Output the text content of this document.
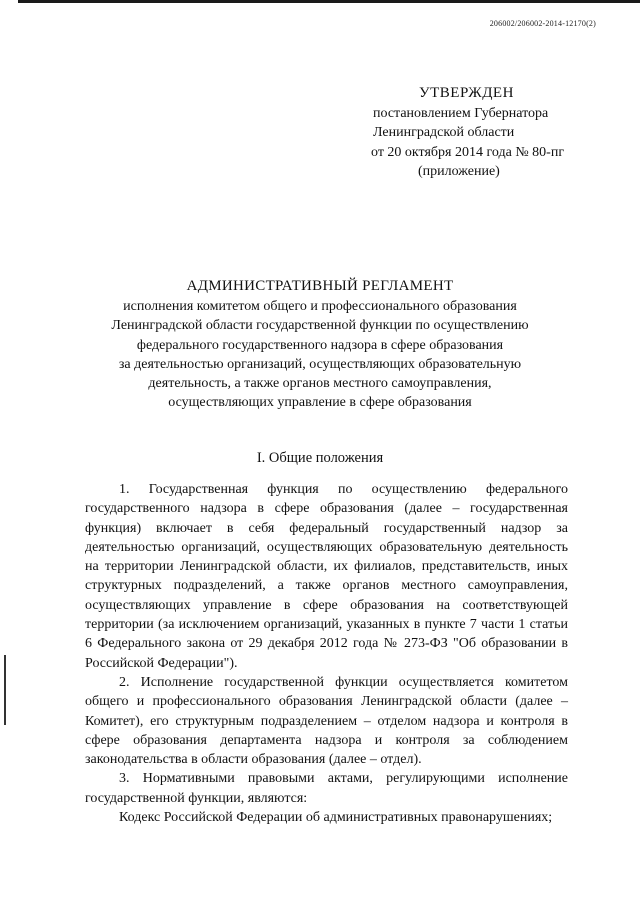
206002/206002-2014-12170(2)
УТВЕРЖДЕН
постановлением Губернатора
Ленинградской области
от 20 октября 2014 года № 80-пг
(приложение)
АДМИНИСТРАТИВНЫЙ РЕГЛАМЕНТ
исполнения комитетом общего и профессионального образования
Ленинградской области государственной функции по осуществлению
федерального государственного надзора в сфере образования
за деятельностью организаций, осуществляющих образовательную
деятельность, а также органов местного самоуправления,
осуществляющих управление в сфере образования
I. Общие положения

1. Государственная функция по осуществлению федерального государственного надзора в сфере образования (далее – государственная функция) включает в себя федеральный государственный надзор за деятельностью организаций, осуществляющих образовательную деятельность на территории Ленинградской области, их филиалов, представительств, иных структурных подразделений, а также органов местного самоуправления, осуществляющих управление в сфере образования на соответствующей территории (за исключением организаций, указанных в пункте 7 части 1 статьи 6 Федерального закона от 29 декабря 2012 года № 273-ФЗ "Об образовании в Российской Федерации").

2. Исполнение государственной функции осуществляется комитетом общего и профессионального образования Ленинградской области (далее – Комитет), его структурным подразделением – отделом надзора и контроля в сфере образования департамента надзора и контроля за соблюдением законодательства в области образования (далее – отдел).

3. Нормативными правовыми актами, регулирующими исполнение государственной функции, являются:

Кодекс Российской Федерации об административных правонарушениях;
